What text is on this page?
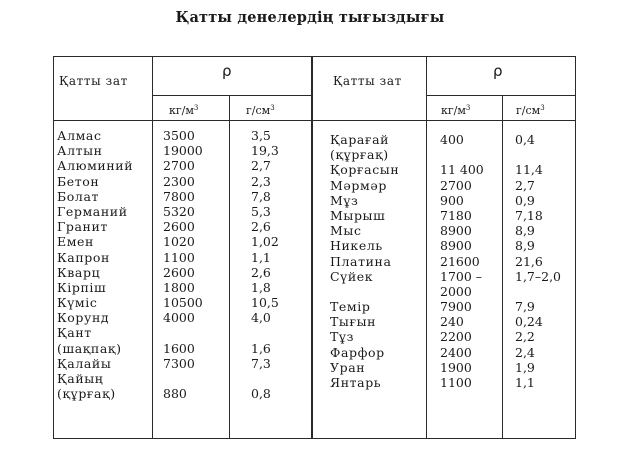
Қатты денелердің тығыздығы
Қатты зат
ρ
$кг/м^3$	$г/см^3$
Қатты зат
ρ
$кг/м^3$	$г/см^3$
Алмас
Алтын
Алюминий
Бетон
Болат
Германий
Гранит
Емен
Капрон
Кварц
Кірпіш
Күміс
Корунд
Қант
(шақпақ)
Қалайы
Қайың
(құрғақ)
3500
19000
2700
2300
7800
5320
2600
1020
1100
2600
1800
10500
4000
1600
7300
880
3,5
19,3
2,7
2,3
7,8
5,3
2,6
1,02
1,1
2,6
1,8
10,5
4,0
1,6
7,3
0,8
Қарағай
(құрғақ)
Қорғасын
Мәрмәр
Мұз
Мырыш
Мыс
Никель
Платина
Сүйек
Темір
Тығын
Тұз
Фарфор
Уран
Янтарь
400
11 400
2700
900
7180
8900
8900
21600
1700 –
2000
7900
240
2200
2400
1900
1100
0,4
11,4
2,7
0,9
7,18
8,9
8,9
21,6
1,7–2,0
7,9
0,24
2,2
2,4
1,9
1,1
